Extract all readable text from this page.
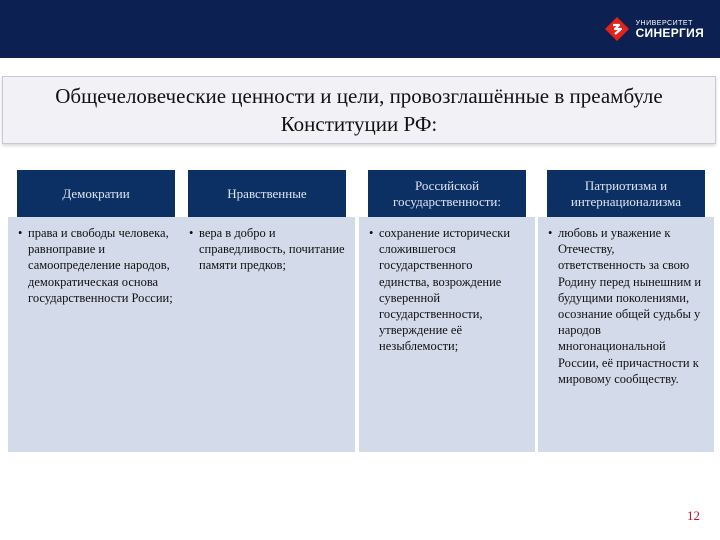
УНИВЕРСИТЕТ
СИНЕРГИЯ
Общечеловеческие ценности и цели, провозглашённые в преамбуле
Конституции РФ:
Демократии
• права и свободы человека, равноправие и самоопределение народов, демократическая основа государственности России;
Нравственные
• вера в добро и справедливость, почитание памяти предков;
Российской государственности:
• сохранение исторически сложившегося государственного единства, возрождение суверенной государственности, утверждение её незыблемости;
Патриотизма и интернационализма
• любовь и уважение к Отечеству, ответственность за свою Родину перед нынешним и будущими поколениями, осознание общей судьбы у народов многонациональной России, её причастности к мировому сообществу.
12
